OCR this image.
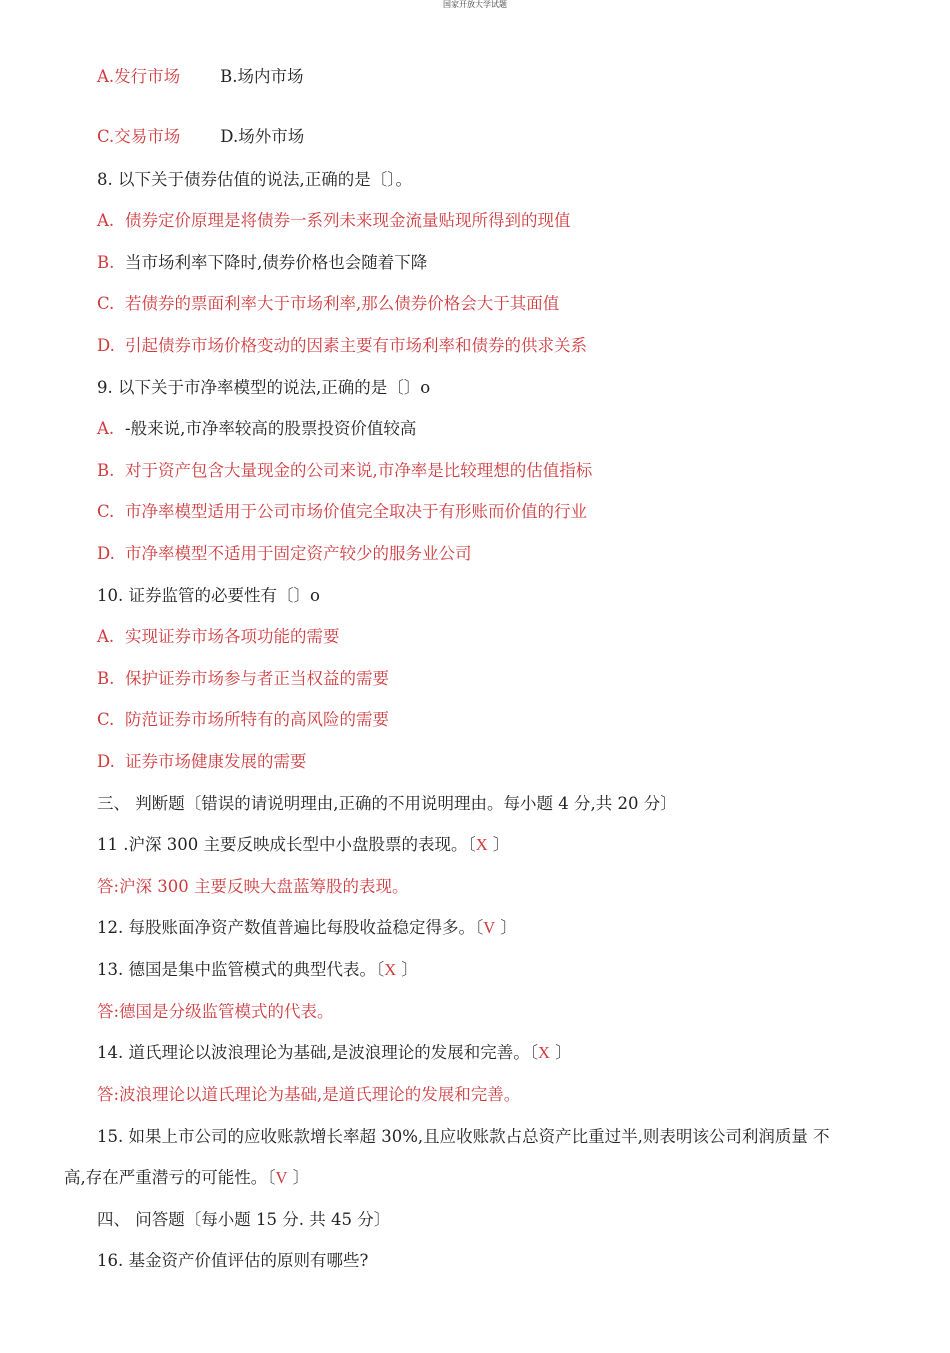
国家开放大学试题
A.发行市场 B.场内市场
C.交易市场 D.场外市场
8. 以下关于债券估值的说法,正确的是〔〕。
A. 债券定价原理是将债券一系列未来现金流量贴现所得到的现值
B. 当市场利率下降时,债券价格也会随着下降
C. 若债券的票面利率大于市场利率,那么债券价格会大于其面值
D. 引起债券市场价格变动的因素主要有市场利率和债券的供求关系
9. 以下关于市净率模型的说法,正确的是〔〕o
A. -般来说,市净率较高的股票投资价值较高
B. 对于资产包含大量现金的公司来说,市净率是比较理想的估值指标
C. 市净率模型适用于公司市场价值完全取决于有形账而价值的行业
D. 市净率模型不适用于固定资产较少的服务业公司
10. 证券监管的必要性有〔〕o
A. 实现证券市场各项功能的需要
B. 保护证券市场参与者正当权益的需要
C. 防范证券市场所特有的高风险的需要
D. 证券市场健康发展的需要
三、 判断题〔错误的请说明理由,正确的不用说明理由。每小题 4 分,共 20 分〕
11 .沪深 300 主要反映成长型中小盘股票的表现。〔X 〕
答:沪深 300 主要反映大盘蓝筹股的表现。
12. 每股账面净资产数值普遍比每股收益稳定得多。〔V 〕
13. 德国是集中监管模式的典型代表。〔X 〕
答:德国是分级监管模式的代表。
14. 道氏理论以波浪理论为基础,是波浪理论的发展和完善。〔X 〕
答:波浪理论以道氏理论为基础,是道氏理论的发展和完善。
15. 如果上市公司的应收账款增长率超 30%,且应收账款占总资产比重过半,则表明该公司利润质量 不
高,存在严重潜亏的可能性。〔V 〕
四、 问答题〔每小题 15 分. 共 45 分〕
16. 基金资产价值评估的原则有哪些?
